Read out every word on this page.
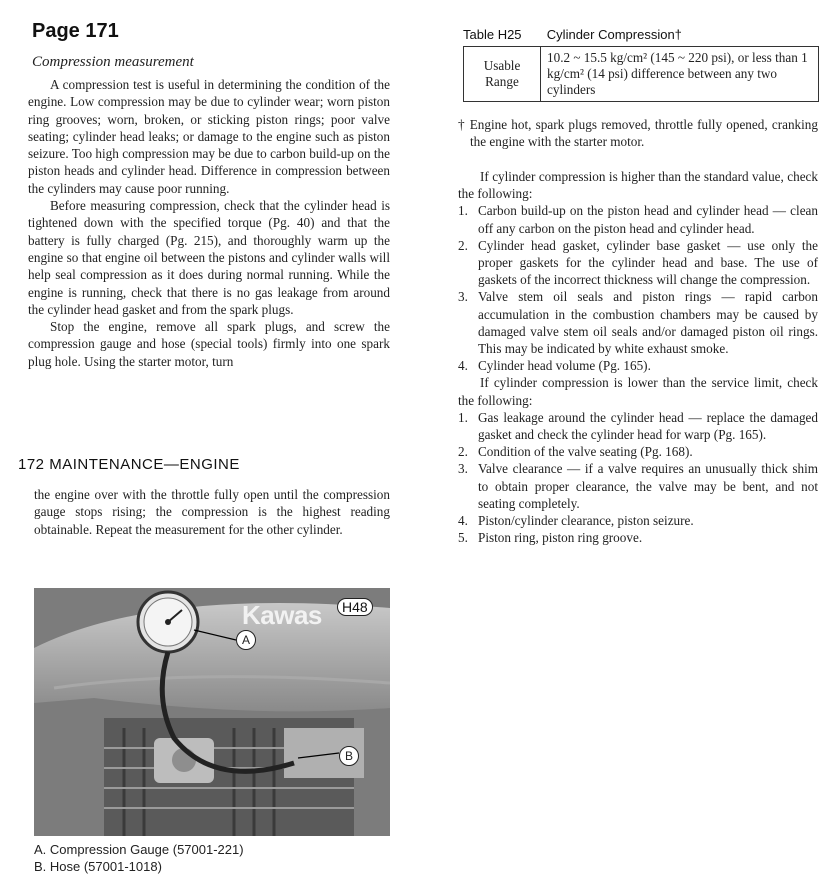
Page 171
Compression measurement

A compression test is useful in determining the condition of the engine. Low compression may be due to cylinder wear; worn piston ring grooves; worn, broken, or sticking piston rings; poor valve seating; cylinder head leaks; or damage to the engine such as piston seizure. Too high compression may be due to carbon build-up on the piston heads and cylinder head. Difference in compression between the cylinders may cause poor running.

Before measuring compression, check that the cylinder head is tightened down with the specified torque (Pg. 40) and that the battery is fully charged (Pg. 215), and thoroughly warm up the engine so that engine oil between the pistons and cylinder walls will help seal compression as it does during normal running. While the engine is running, check that there is no gas leakage from around the cylinder head gasket and from the spark plugs.

Stop the engine, remove all spark plugs, and screw the compression gauge and hose (special tools) firmly into one spark plug hole. Using the starter motor, turn

172 MAINTENANCE—ENGINE

the engine over with the throttle fully open until the compression gauge stops rising; the compression is the highest reading obtainable. Repeat the measurement for the other cylinder.

Kawas	H48
A
B
A. Compression Gauge (57001-221)
B. Hose (57001-1018)
Table H25 Cylinder Compression†
Usable Range	10.2 ~ 15.5 kg/cm² (145 ~ 220 psi), or less than 1 kg/cm² (14 psi) difference between any two cylinders

† Engine hot, spark plugs removed, throttle fully opened, cranking the engine with the starter motor.

If cylinder compression is higher than the standard value, check the following:

1. Carbon build-up on the piston head and cylinder head — clean off any carbon on the piston head and cylinder head.
2. Cylinder head gasket, cylinder base gasket — use only the proper gaskets for the cylinder head and base. The use of gaskets of the incorrect thickness will change the compression.
3. Valve stem oil seals and piston rings — rapid carbon accumulation in the combustion chambers may be caused by damaged valve stem oil seals and/or damaged piston oil rings. This may be indicated by white exhaust smoke.
4. Cylinder head volume (Pg. 165).

If cylinder compression is lower than the service limit, check the following:

1. Gas leakage around the cylinder head — replace the damaged gasket and check the cylinder head for warp (Pg. 165).
2. Condition of the valve seating (Pg. 168).
3. Valve clearance — if a valve requires an unusually thick shim to obtain proper clearance, the valve may be bent, and not seating completely.
4. Piston/cylinder clearance, piston seizure.
5. Piston ring, piston ring groove.
